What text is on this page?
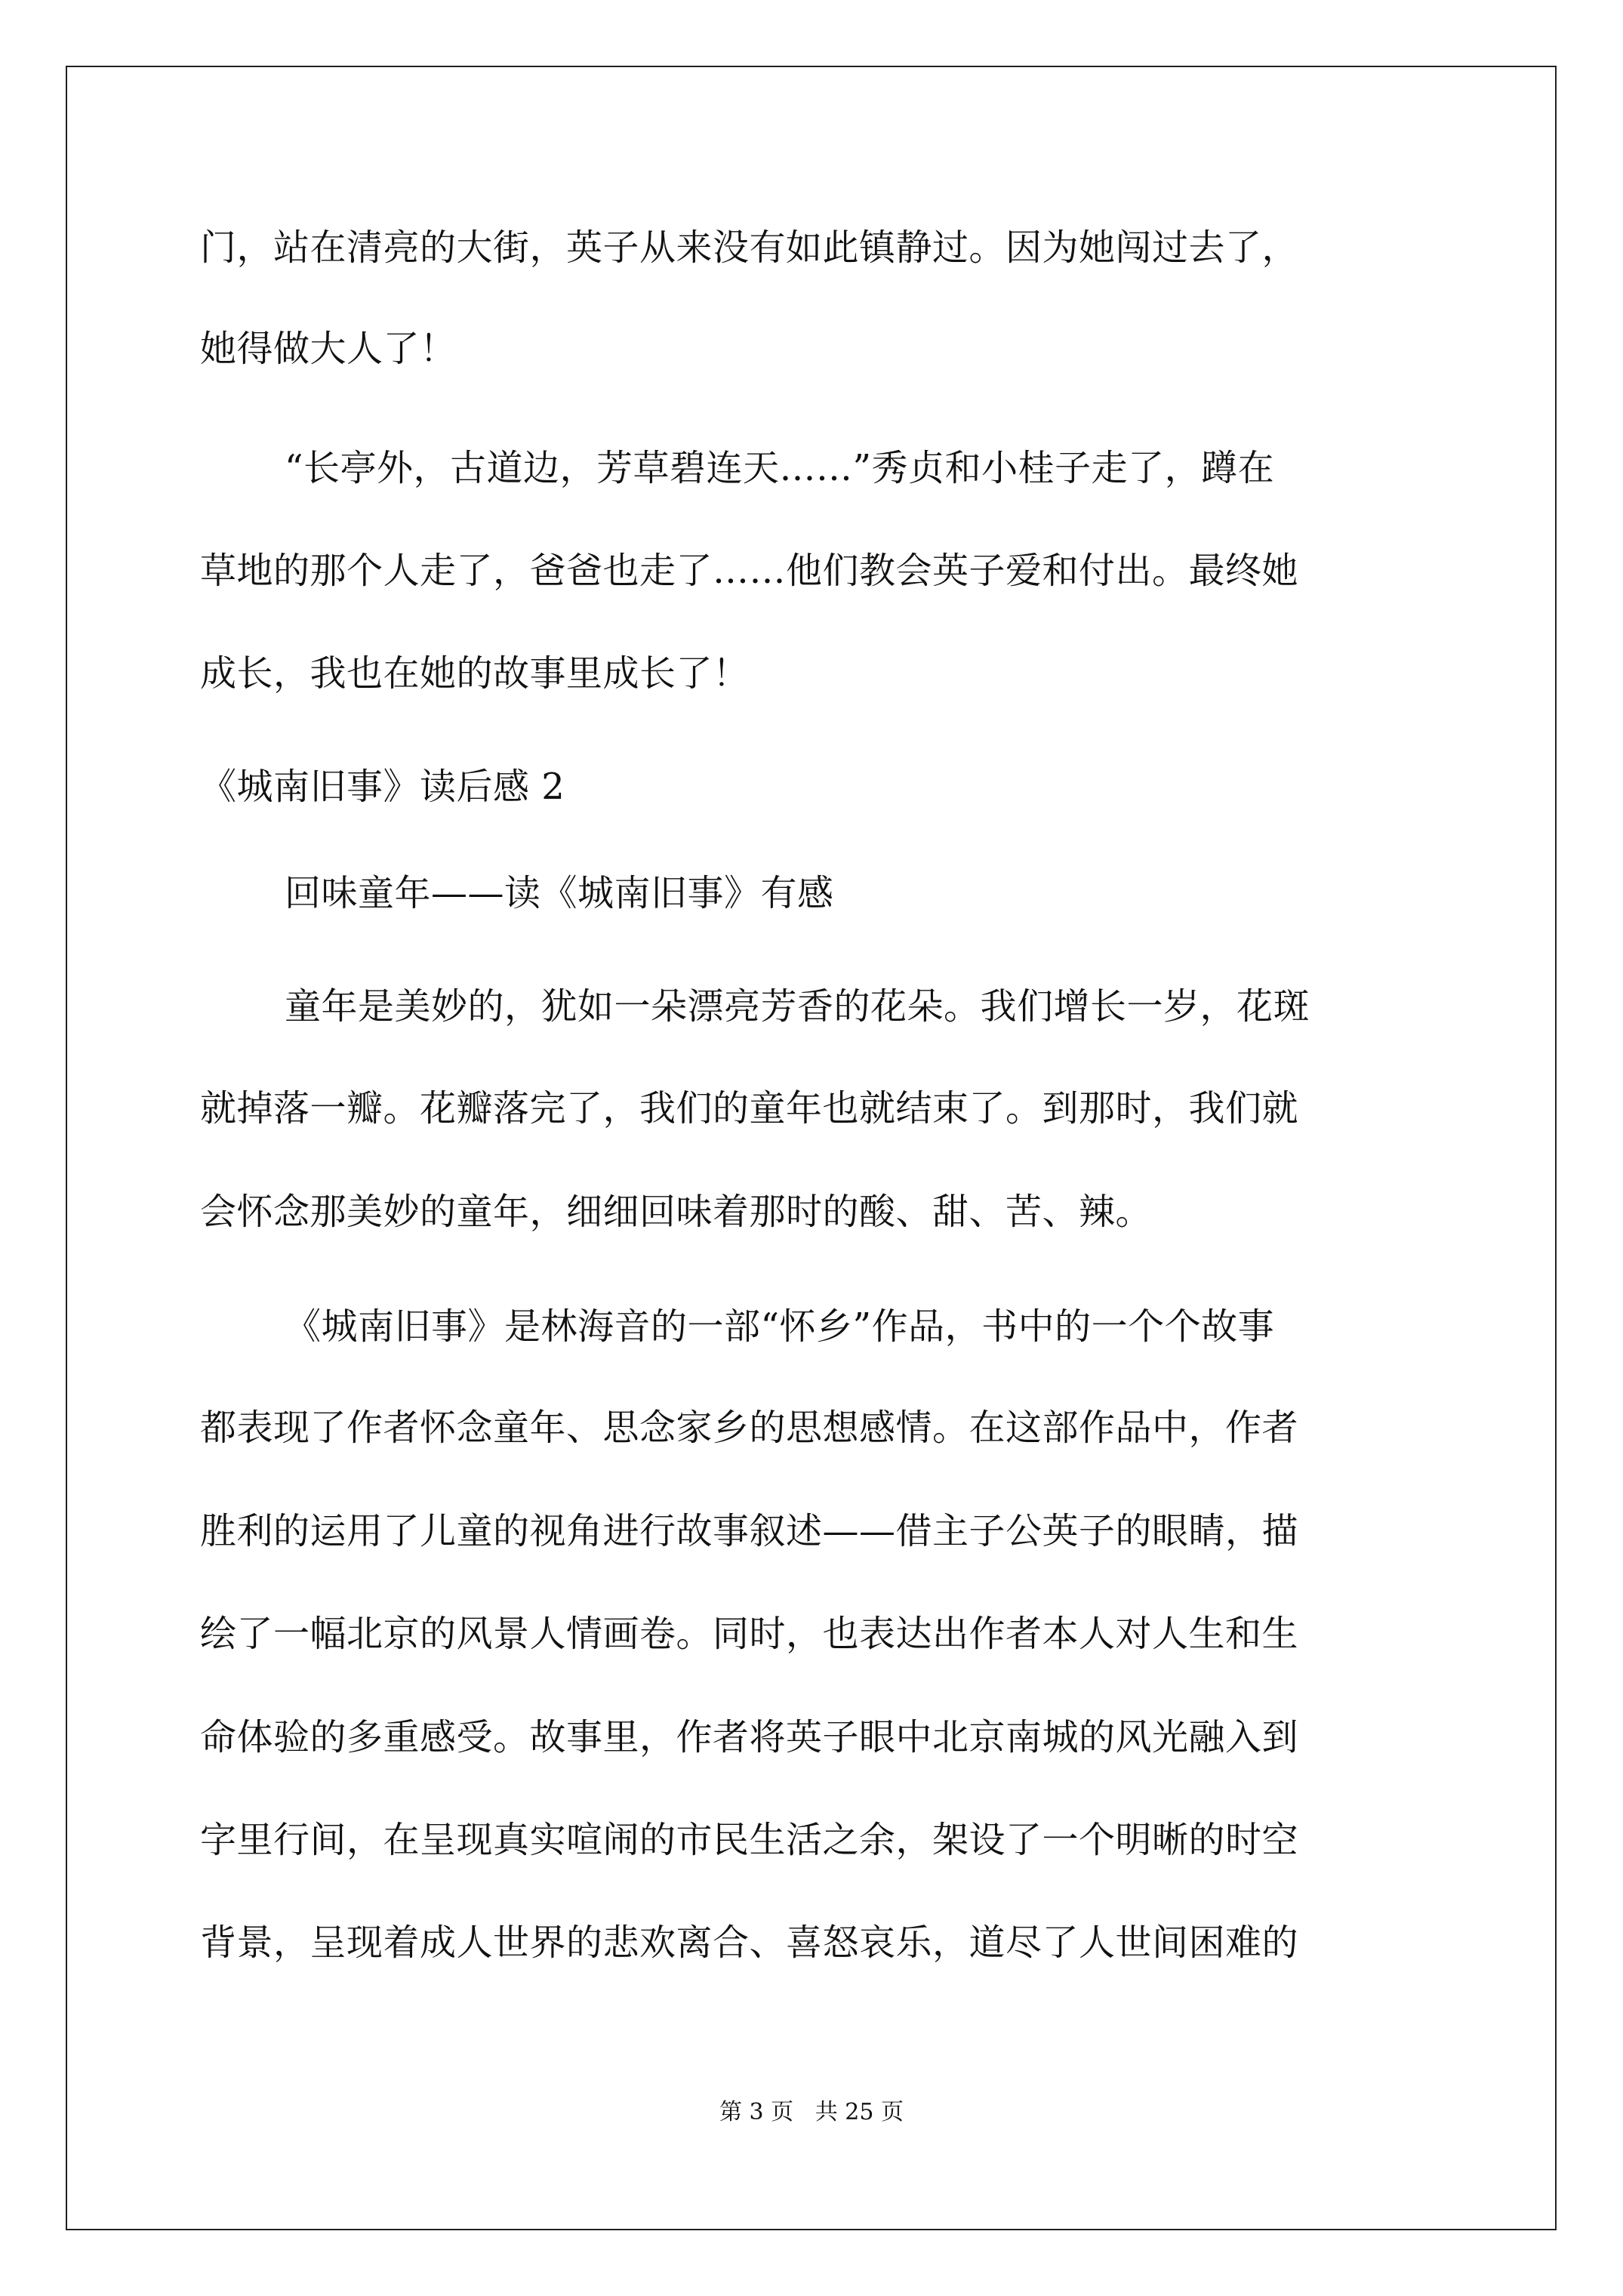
门，站在清亮的大街，英子从来没有如此镇静过。因为她闯过去了，
她得做大人了！
“长亭外，古道边，芳草碧连天……”秀贞和小桂子走了，蹲在
草地的那个人走了，爸爸也走了……他们教会英子爱和付出。最终她
成长，我也在她的故事里成长了！
《城南旧事》读后感 2
回味童年——读《城南旧事》有感
童年是美妙的，犹如一朵漂亮芳香的花朵。我们增长一岁，花斑
就掉落一瓣。花瓣落完了，我们的童年也就结束了。到那时，我们就
会怀念那美妙的童年，细细回味着那时的酸、甜、苦、辣。
《城南旧事》是林海音的一部“怀乡”作品，书中的一个个故事
都表现了作者怀念童年、思念家乡的思想感情。在这部作品中，作者
胜利的运用了儿童的视角进行故事叙述——借主子公英子的眼睛，描
绘了一幅北京的风景人情画卷。同时，也表达出作者本人对人生和生
命体验的多重感受。故事里，作者将英子眼中北京南城的风光融入到
字里行间，在呈现真实喧闹的市民生活之余，架设了一个明晰的时空
背景，呈现着成人世界的悲欢离合、喜怒哀乐，道尽了人世间困难的
第 3 页   共 25 页
